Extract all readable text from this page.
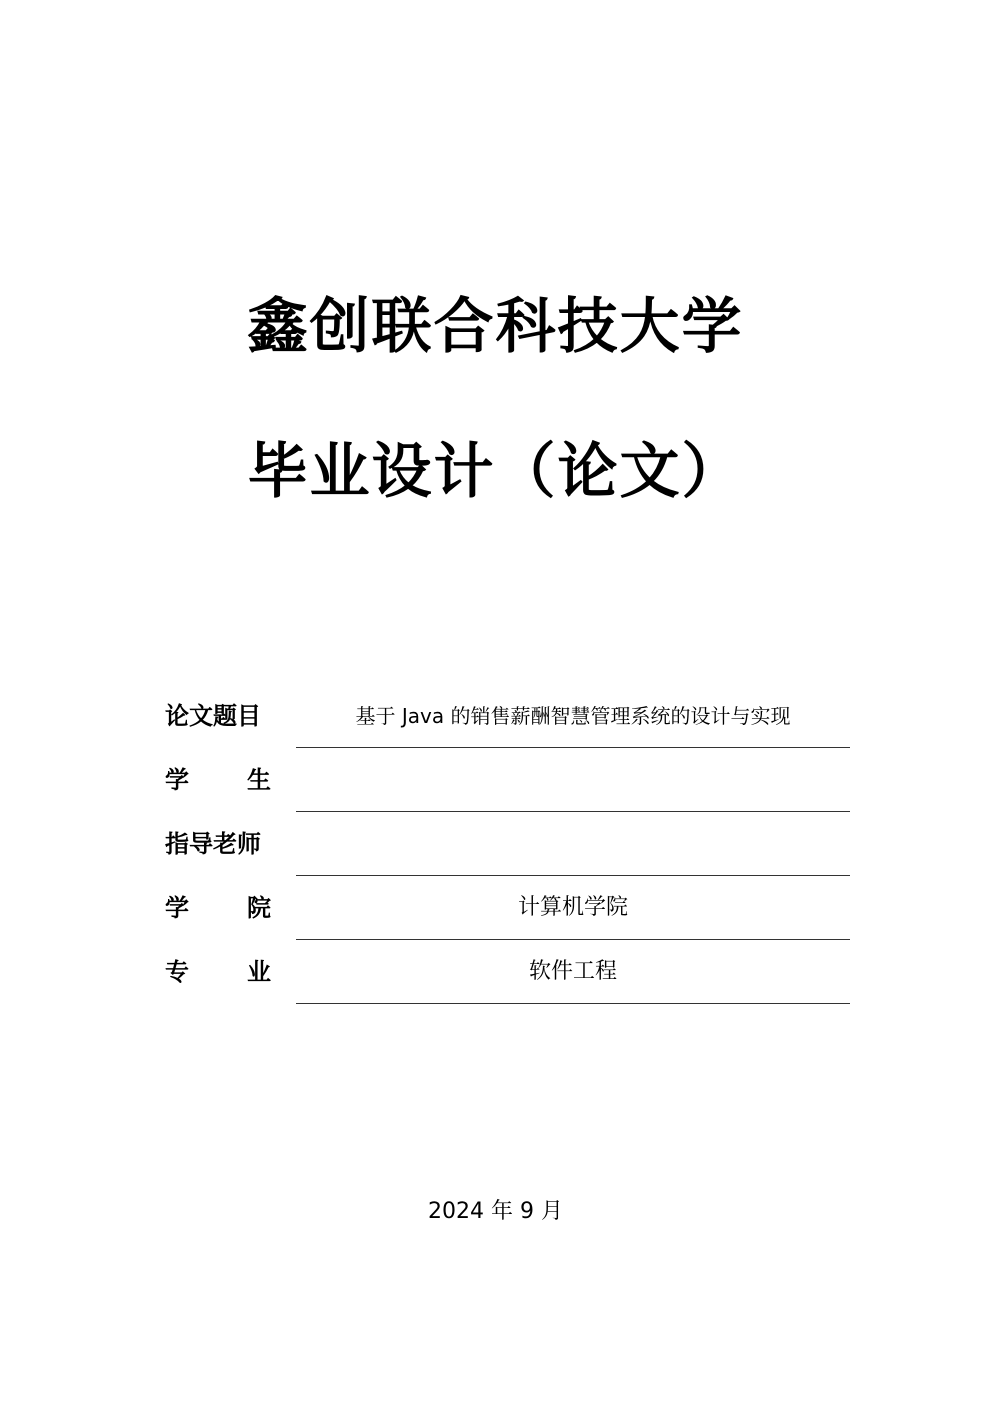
鑫创联合科技大学
毕业设计（论文）
论文题目	基于 Java 的销售薪酬智慧管理系统的设计与实现
学 生
指导老师
学 院	计算机学院
专 业	软件工程
2024 年 9 月
